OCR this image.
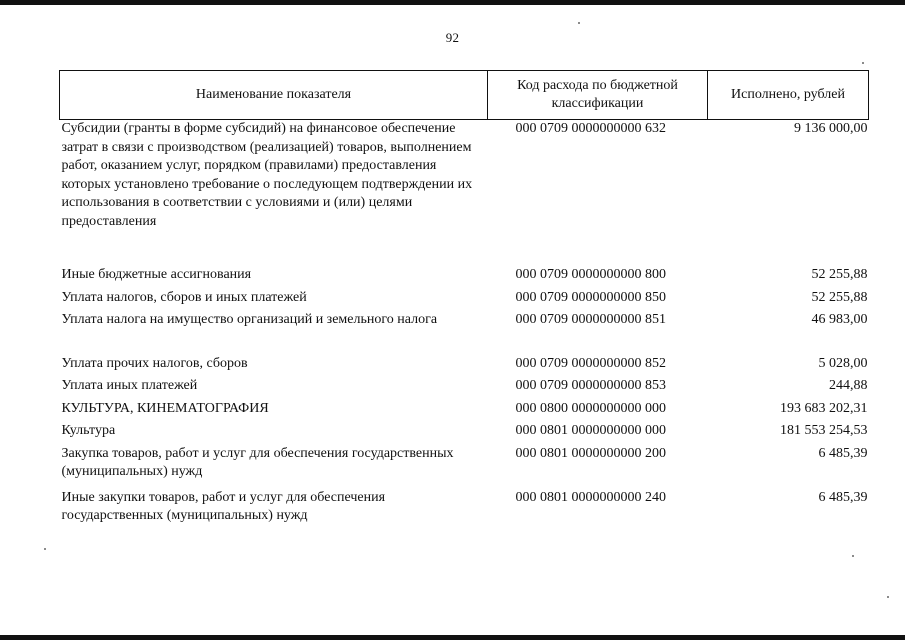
92
Наименование показателя	Код расхода по бюджетной классификации	Исполнено, рублей
Субсидии (гранты в форме субсидий) на финансовое обеспечение затрат в связи с производством (реализацией) товаров, выполнением работ, оказанием услуг, порядком (правилами) предоставления которых установлено требование о последующем подтверждении их использования в соответствии с условиями и (или) целями предоставления	000 0709 0000000000 632	9 136 000,00
Иные бюджетные ассигнования	000 0709 0000000000 800	52 255,88
Уплата налогов, сборов и иных платежей	000 0709 0000000000 850	52 255,88
Уплата налога на имущество организаций и земельного налога	000 0709 0000000000 851	46 983,00
Уплата прочих налогов, сборов	000 0709 0000000000 852	5 028,00
Уплата иных платежей	000 0709 0000000000 853	244,88
КУЛЬТУРА, КИНЕМАТОГРАФИЯ	000 0800 0000000000 000	193 683 202,31
Культура	000 0801 0000000000 000	181 553 254,53
Закупка товаров, работ и услуг для обеспечения государственных (муниципальных) нужд	000 0801 0000000000 200	6 485,39
Иные закупки товаров, работ и услуг для обеспечения государственных (муниципальных) нужд	000 0801 0000000000 240	6 485,39
